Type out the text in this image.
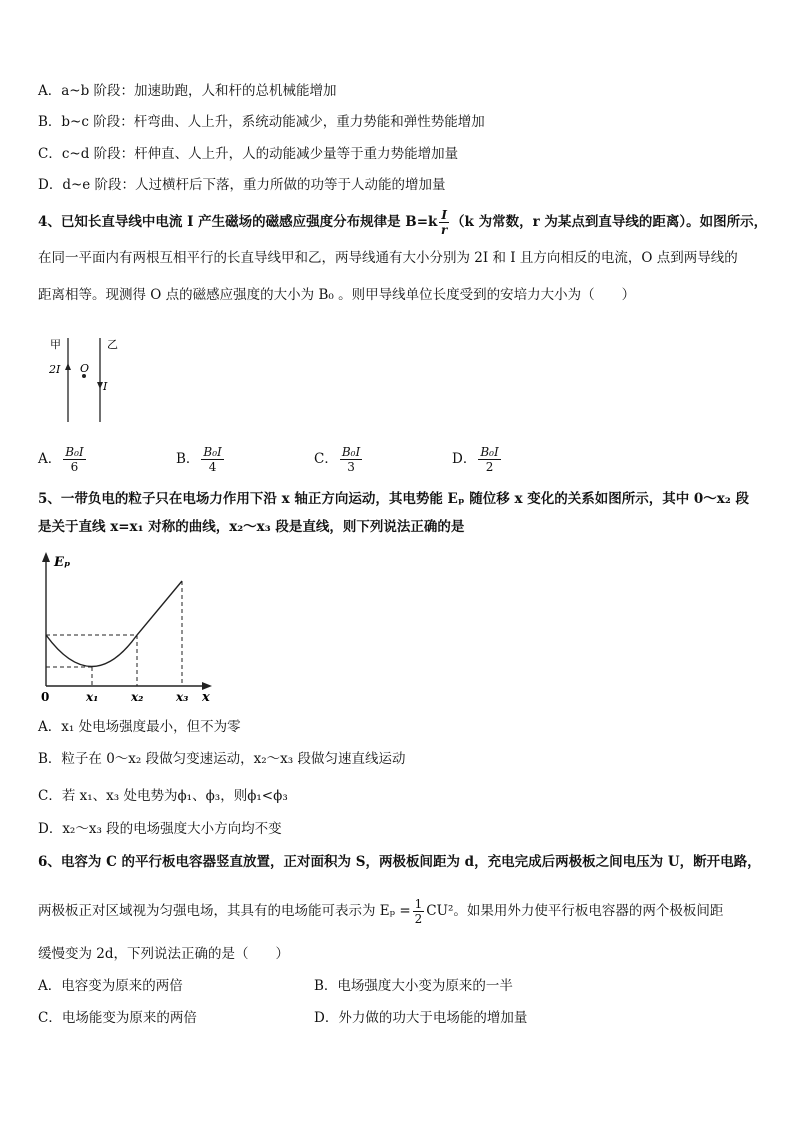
A．a~b 阶段：加速助跑，人和杆的总机械能增加
B．b~c 阶段：杆弯曲、人上升，系统动能减少，重力势能和弹性势能增加
C．c~d 阶段：杆伸直、人上升，人的动能减少量等于重力势能增加量
D．d~e 阶段：人过横杆后下落，重力所做的功等于人动能的增加量
4、已知长直导线中电流 I 产生磁场的磁感应强度分布规律是 $B=k \frac{I}{r} (k$ 为常数，r 为某点到直导线的距离）。如图所示，
在同一平面内有两根互相平行的长直导线甲和乙，两导线通有大小分别为 2I 和 I 且方向相反的电流，O 点到两导线的
距离相等。现测得 O 点的磁感应强度的大小为 B₀ 。则甲导线单位长度受到的安培力大小为（　　）
甲	乙
2I O
I
A． $\frac{\text{B₀I}}{6}$	B． $\frac{\text{B₀I}}{4}$	C． $\frac{\text{B₀I}}{3}$	D． $\frac{\text{B₀I}}{2}$
5、一带负电的粒子只在电场力作用下沿 x 轴正方向运动，其电势能 Eₚ 随位移 x 变化的关系如图所示，其中 0～x₂ 段
是关于直线 x=x₁ 对称的曲线，x₂～x₃ 段是直线，则下列说法正确的是
Eₚ
0	x₁	x₂	x₃ x
A．x₁ 处电场强度最小，但不为零
B．粒子在 0～x₂ 段做匀变速运动，x₂～x₃ 段做匀速直线运动
C．若 x₁、x₃ 处电势为ϕ₁、ϕ₃，则ϕ₁<ϕ₃
D．x₂～x₃ 段的电场强度大小方向均不变
6、电容为 C 的平行板电容器竖直放置，正对面积为 S，两极板间距为 d，充电完成后两极板之间电压为 U，断开电路，
两极板正对区域视为匀强电场，其具有的电场能可表示为 $E_p = \frac{1}{2} CU^2$。如果用外力使平行板电容器的两个极板间距
缓慢变为 2d，下列说法正确的是（　　）
A．电容变为原来的两倍	B．电场强度大小变为原来的一半
C．电场能变为原来的两倍	D．外力做的功大于电场能的增加量
